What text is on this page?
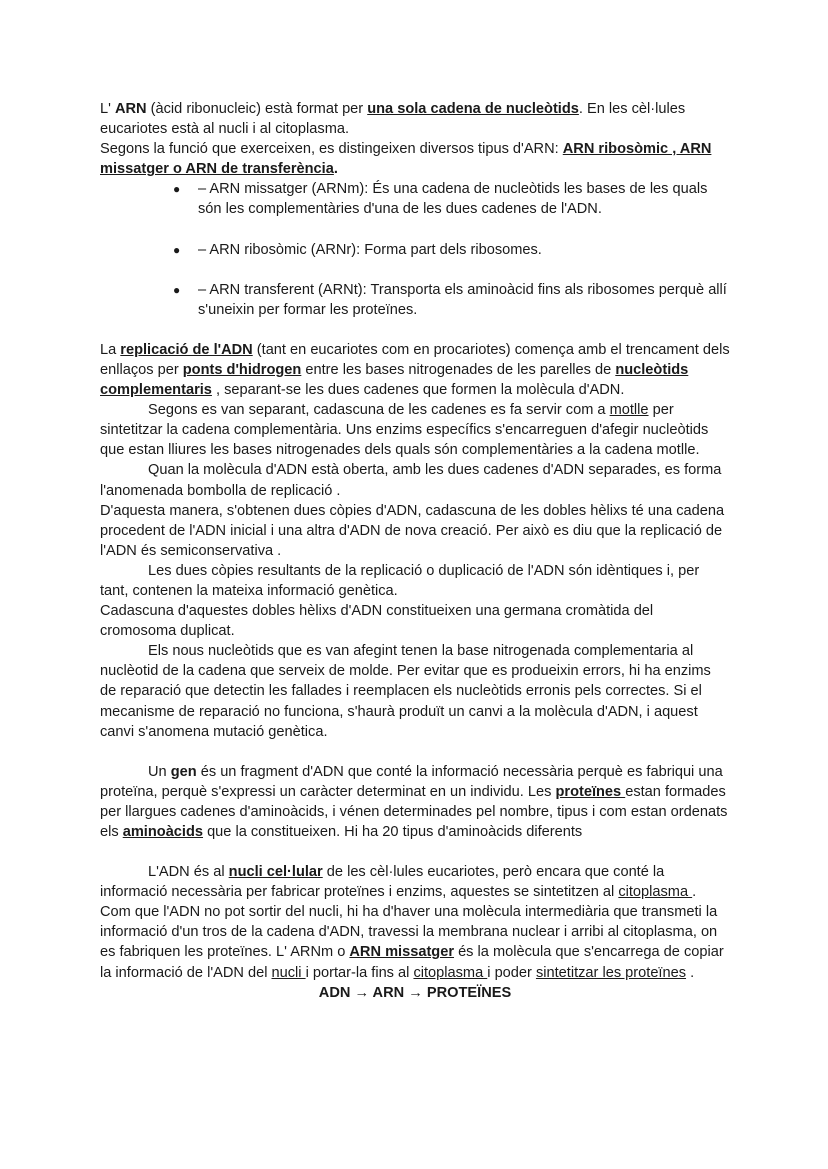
L' ARN (àcid ribonucleic) està format per una sola cadena de nucleòtids. En les cèl·lules eucariotes està al nucli i al citoplasma.

Segons la funció que exerceixen, es distingeixen diversos tipus d'ARN: ARN ribosòmic , ARN missatger o ARN de transferència.

● – ARN missatger (ARNm): És una cadena de nucleòtids les bases de les quals són les complementàries d'una de les dues cadenes de l'ADN.
● – ARN ribosòmic (ARNr): Forma part dels ribosomes.
● – ARN transferent (ARNt): Transporta els aminoàcid fins als ribosomes perquè allí s'uneixin per formar les proteïnes.

La replicació de l'ADN (tant en eucariotes com en procariotes) comença amb el trencament dels enllaços per ponts d'hidrogen entre les bases nitrogenades de les parelles de nucleòtids complementaris , separant-se les dues cadenes que formen la molècula d'ADN.

Segons es van separant, cadascuna de les cadenes es fa servir com a motlle per sintetitzar la cadena complementària. Uns enzims específics s'encarreguen d'afegir nucleòtids que estan lliures les bases nitrogenades dels quals són complementàries a la cadena motlle.

Quan la molècula d'ADN està oberta, amb les dues cadenes d'ADN separades, es forma l'anomenada bombolla de replicació .

D'aquesta manera, s'obtenen dues còpies d'ADN, cadascuna de les dobles hèlixs té una cadena procedent de l'ADN inicial i una altra d'ADN de nova creació. Per això es diu que la replicació de l'ADN és semiconservativa .

Les dues còpies resultants de la replicació o duplicació de l'ADN són idèntiques i, per tant, contenen la mateixa informació genètica.

Cadascuna d'aquestes dobles hèlixs d'ADN constitueixen una germana cromàtida del cromosoma duplicat.

Els nous nucleòtids que es van afegint tenen la base nitrogenada complementaria al nuclèotid de la cadena que serveix de molde. Per evitar que es produeixin errors, hi ha enzims de reparació que detectin les fallades i reemplacen els nucleòtids erronis pels correctes. Si el mecanisme de reparació no funciona, s'haurà produït un canvi a la molècula d'ADN, i aquest canvi s'anomena mutació genètica.

Un gen és un fragment d'ADN que conté la informació necessària perquè es fabriqui una proteïna, perquè s'expressi un caràcter determinat en un individu. Les proteïnes estan formades per llargues cadenes d'aminoàcids, i vénen determinades pel nombre, tipus i com estan ordenats els aminoàcids que la constitueixen. Hi ha 20 tipus d'aminoàcids diferents

L'ADN és al nucli cel·lular de les cèl·lules eucariotes, però encara que conté la informació necessària per fabricar proteïnes i enzims, aquestes se sintetitzen al citoplasma . Com que l'ADN no pot sortir del nucli, hi ha d'haver una molècula intermediària que transmeti la informació d'un tros de la cadena d'ADN, travessi la membrana nuclear i arribi al citoplasma, on es fabriquen les proteïnes. L' ARNm o ARN missatger és la molècula que s'encarrega de copiar la informació de l'ADN del nucli i portar-la fins al citoplasma i poder sintetitzar les proteïnes .

ADN → ARN → PROTEÏNES
